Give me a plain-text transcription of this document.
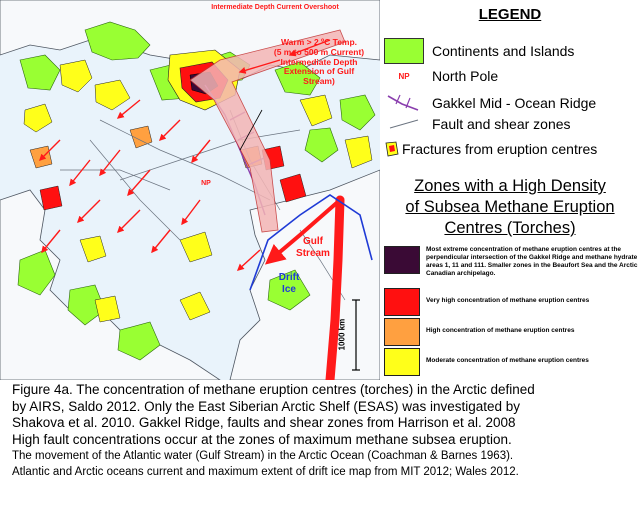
Intermediate Depth Current Overshoot
Warm > 2 ºC Temp.
(5 m to 500 m Current)
Intermediate Depth
Extension of Gulf
Stream)
NP
Gulf
Stream
Drift
Ice
1000 km
LEGEND
Continents and Islands
NP	North Pole
Gakkel Mid - Ocean Ridge
Fault and shear zones
Fractures from eruption centres
Zones with a High Density
of Subsea Methane Eruption
Centres (Torches)
Most extreme concentration of methane eruption centres at the perpendicular intersection of the Gakkel Ridge and methane hydrate areas 1, 11 and 111. Smaller zones in the Beaufort Sea and the Arctic Canadian archipelago.
Very high concentration of methane eruption centres
High concentration of methane eruption centres
Moderate concentration of methane eruption centres
Figure 4a. The concentration of methane eruption centres (torches) in the Arctic defined
by AIRS, Saldo 2012. Only the East Siberian Arctic Shelf (ESAS) was investigated by
Shakova et al. 2010. Gakkel Ridge, faults and shear zones from Harrison et al. 2008
High fault concentrations occur at the zones of maximum methane subsea eruption.
The movement of the Atlantic water (Gulf Stream) in the Arctic Ocean (Coachman & Barnes 1963).
Atlantic and Arctic oceans current and maximum extent of drift ice map from MIT 2012; Wales 2012.
